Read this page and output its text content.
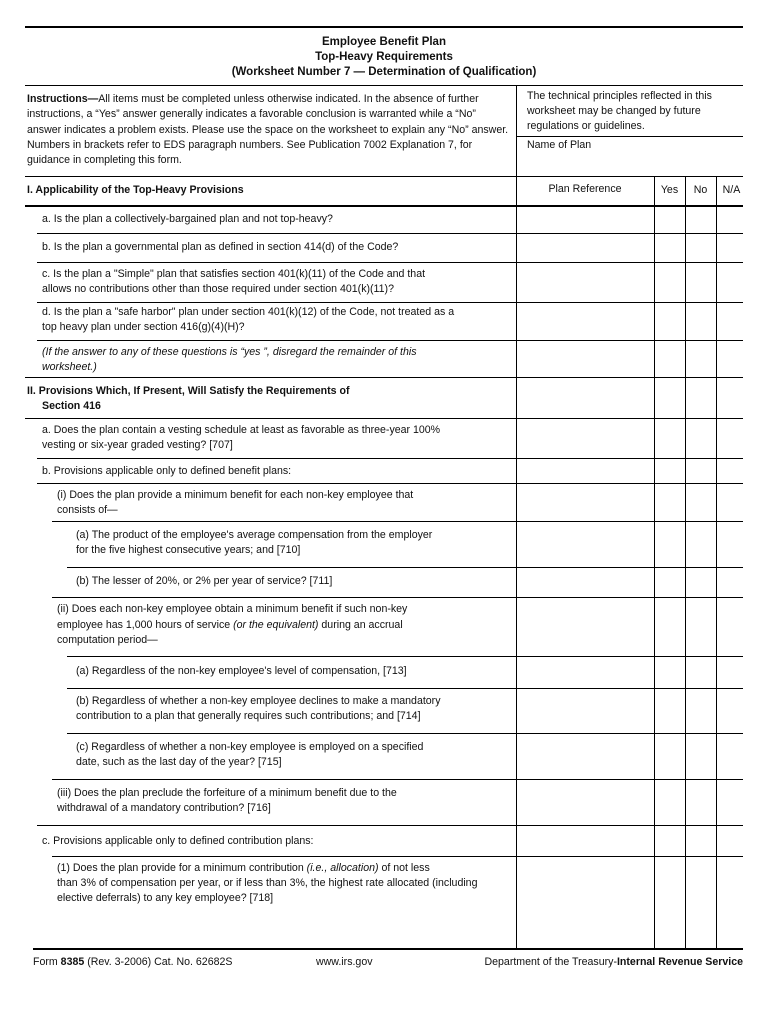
Employee Benefit Plan
Top-Heavy Requirements
(Worksheet Number 7 — Determination of Qualification)
Instructions—All items must be completed unless otherwise indicated. In the absence of further instructions, a “Yes” answer generally indicates a favorable conclusion is warranted while a “No” answer indicates a problem exists. Please use the space on the worksheet to explain any “No” answer. Numbers in brackets refer to EDS paragraph numbers. See Publication 7002 Explanation 7, for guidance in completing this form.
The technical principles reflected in this worksheet may be changed by future regulations or guidelines.
Name of Plan
I. Applicability of the Top-Heavy Provisions	Plan Reference	Yes	No	N/A
a. Is the plan a collectively-bargained plan and not top-heavy?
b. Is the plan a governmental plan as defined in section 414(d) of the Code?
c. Is the plan a "Simple" plan that satisfies section 401(k)(11) of the Code and that
allows no contributions other than those required under section 401(k)(11)?
d. Is the plan a "safe harbor" plan under section 401(k)(12) of the Code, not treated as a
top heavy plan under section 416(g)(4)(H)?
(If the answer to any of these questions is “yes ”, disregard the remainder of this
worksheet.)
II. Provisions Which, If Present, Will Satisfy the Requirements of
Section 416
a. Does the plan contain a vesting schedule at least as favorable as three-year 100%
vesting or six-year graded vesting? [707]
b. Provisions applicable only to defined benefit plans:
(i) Does the plan provide a minimum benefit for each non-key employee that
consists of—
(a) The product of the employee's average compensation from the employer
for the five highest consecutive years; and [710]
(b) The lesser of 20%, or 2% per year of service? [711]
(ii) Does each non-key employee obtain a minimum benefit if such non-key
employee has 1,000 hours of service (or the equivalent) during an accrual
computation period—
(a) Regardless of the non-key employee's level of compensation, [713]
(b) Regardless of whether a non-key employee declines to make a mandatory
contribution to a plan that generally requires such contributions; and [714]
(c) Regardless of whether a non-key employee is employed on a specified
date, such as the last day of the year? [715]
(iii) Does the plan preclude the forfeiture of a minimum benefit due to the
withdrawal of a mandatory contribution? [716]
c. Provisions applicable only to defined contribution plans:
(1) Does the plan provide for a minimum contribution (i.e., allocation) of not less
than 3% of compensation per year, or if less than 3%, the highest rate allocated (including
elective deferrals) to any key employee? [718]
Form 8385 (Rev. 3-2006) Cat. No. 62682S	www.irs.gov	Department of the Treasury-Internal Revenue Service
